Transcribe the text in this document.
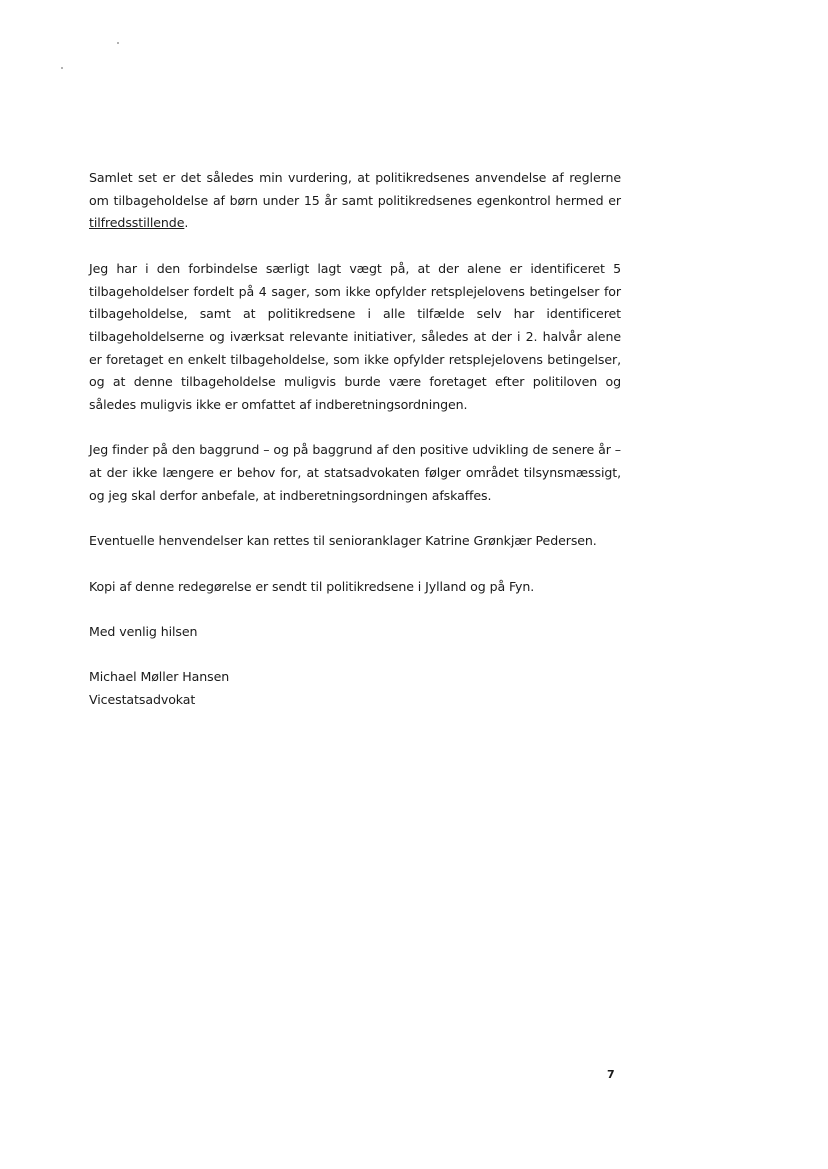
Samlet set er det således min vurdering, at politikredsenes anvendelse af reglerne om tilbageholdelse af børn under 15 år samt politikredsenes egenkontrol hermed er tilfredsstillende.

Jeg har i den forbindelse særligt lagt vægt på, at der alene er identificeret 5 tilbageholdelser fordelt på 4 sager, som ikke opfylder retsplejelovens betingelser for tilbageholdelse, samt at politikredsene i alle tilfælde selv har identificeret tilbageholdelserne og iværksat relevante initiativer, således at der i 2. halvår alene er foretaget en enkelt tilbageholdelse, som ikke opfylder retsplejelovens betingelser, og at denne tilbageholdelse muligvis burde være foretaget efter politiloven og således muligvis ikke er omfattet af indberetningsordningen.

Jeg finder på den baggrund – og på baggrund af den positive udvikling de senere år – at der ikke længere er behov for, at statsadvokaten følger området tilsynsmæssigt, og jeg skal derfor anbefale, at indberetningsordningen afskaffes.

Eventuelle henvendelser kan rettes til senioranklager Katrine Grønkjær Pedersen.

Kopi af denne redegørelse er sendt til politikredsene i Jylland og på Fyn.

Med venlig hilsen

Michael Møller Hansen

Vicestatsadvokat

7
